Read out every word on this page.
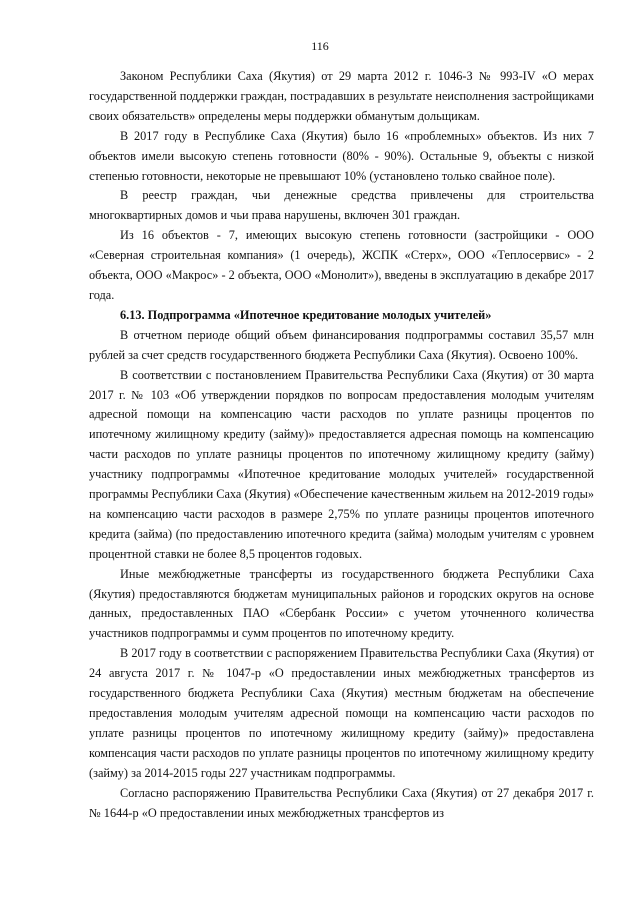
116

Законом Республики Саха (Якутия) от 29 марта 2012 г. 1046-З № 993-IV «О мерах государственной поддержки граждан, пострадавших в результате неисполнения застройщиками своих обязательств» определены меры поддержки обманутым дольщикам.

В 2017 году в Республике Саха (Якутия) было 16 «проблемных» объектов. Из них 7 объектов имели высокую степень готовности (80% - 90%). Остальные 9, объекты с низкой степенью готовности, некоторые не превышают 10% (установлено только свайное поле).

В реестр граждан, чьи денежные средства привлечены для строительства многоквартирных домов и чьи права нарушены, включен 301 граждан.

Из 16 объектов - 7, имеющих высокую степень готовности (застройщики - ООО «Северная строительная компания» (1 очередь), ЖСПК «Стерх», ООО «Теплосервис» - 2 объекта, ООО «Макрос» - 2 объекта, ООО «Монолит»), введены в эксплуатацию в декабре 2017 года.

6.13. Подпрограмма «Ипотечное кредитование молодых учителей»

В отчетном периоде общий объем финансирования подпрограммы составил 35,57 млн рублей за счет средств государственного бюджета Республики Саха (Якутия). Освоено 100%.

В соответствии с постановлением Правительства Республики Саха (Якутия) от 30 марта 2017 г. № 103 «Об утверждении порядков по вопросам предоставления молодым учителям адресной помощи на компенсацию части расходов по уплате разницы процентов по ипотечному жилищному кредиту (займу)» предоставляется адресная помощь на компенсацию части расходов по уплате разницы процентов по ипотечному жилищному кредиту (займу) участнику подпрограммы «Ипотечное кредитование молодых учителей» государственной программы Республики Саха (Якутия) «Обеспечение качественным жильем на 2012-2019 годы» на компенсацию части расходов в размере 2,75% по уплате разницы процентов ипотечного кредита (займа) (по предоставлению ипотечного кредита (займа) молодым учителям с уровнем процентной ставки не более 8,5 процентов годовых.

Иные межбюджетные трансферты из государственного бюджета Республики Саха (Якутия) предоставляются бюджетам муниципальных районов и городских округов на основе данных, предоставленных ПАО «Сбербанк России» с учетом уточненного количества участников подпрограммы и сумм процентов по ипотечному кредиту.

В 2017 году в соответствии с распоряжением Правительства Республики Саха (Якутия) от 24 августа 2017 г. № 1047-р «О предоставлении иных межбюджетных трансфертов из государственного бюджета Республики Саха (Якутия) местным бюджетам на обеспечение предоставления молодым учителям адресной помощи на компенсацию части расходов по уплате разницы процентов по ипотечному жилищному кредиту (займу)» предоставлена компенсация части расходов по уплате разницы процентов по ипотечному жилищному кредиту (займу) за 2014-2015 годы 227 участникам подпрограммы.

Согласно распоряжению Правительства Республики Саха (Якутия) от 27 декабря 2017 г. № 1644-р «О предоставлении иных межбюджетных трансфертов из
